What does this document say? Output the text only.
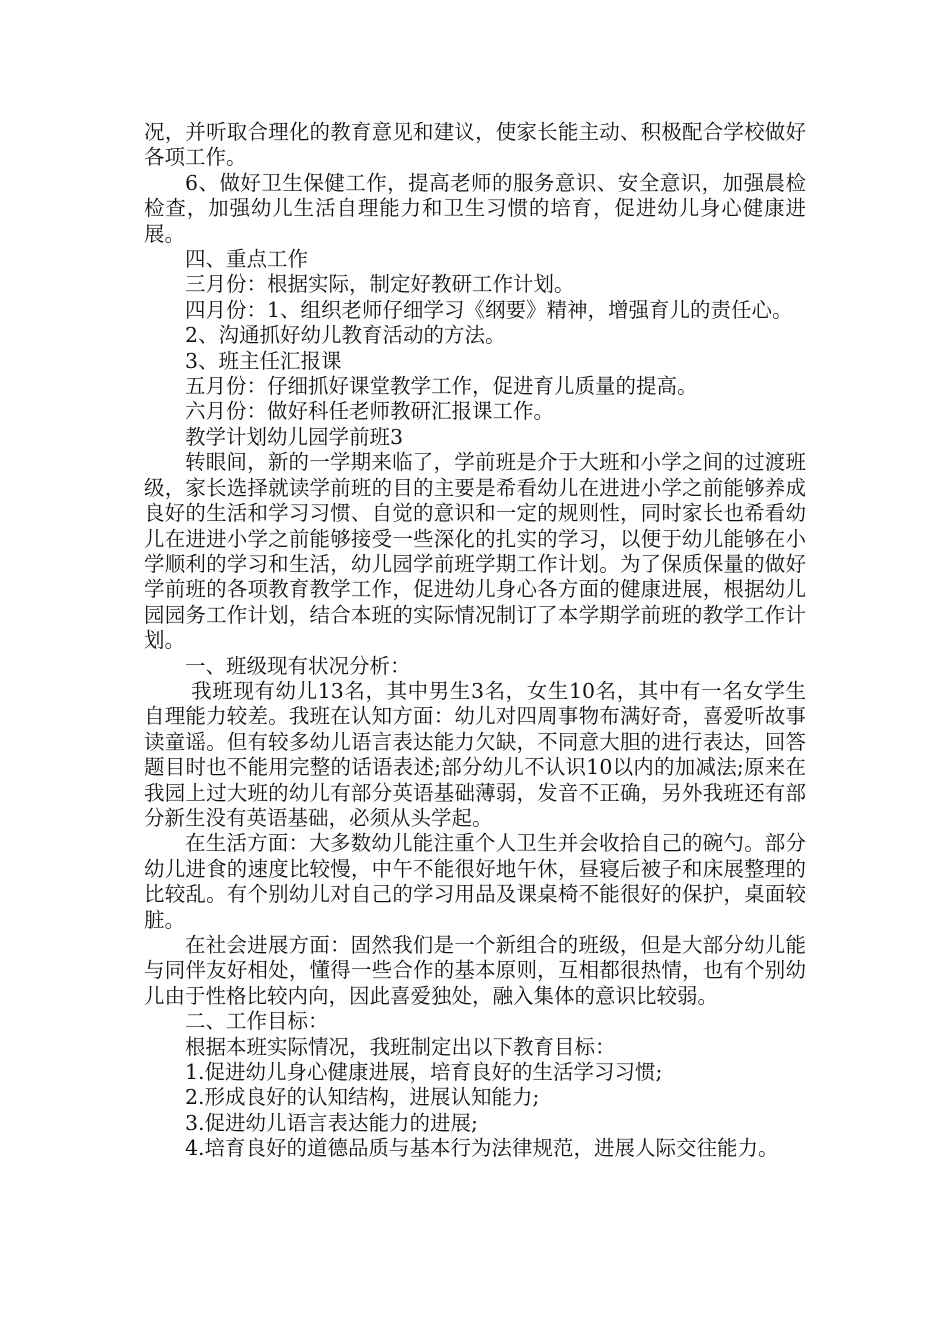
况，并听取合理化的教育意见和建议，使家长能主动、积极配合学校做好各项工作。

6、做好卫生保健工作，提高老师的服务意识、安全意识，加强晨检检查，加强幼儿生活自理能力和卫生习惯的培育，促进幼儿身心健康进展。

四、重点工作

三月份：根据实际，制定好教研工作计划。

四月份：1、组织老师仔细学习《纲要》精神，增强育儿的责任心。

2、沟通抓好幼儿教育活动的方法。

3、班主任汇报课

五月份：仔细抓好课堂教学工作，促进育儿质量的提高。

六月份：做好科任老师教研汇报课工作。

教学计划幼儿园学前班3

转眼间，新的一学期来临了，学前班是介于大班和小学之间的过渡班级，家长选择就读学前班的目的主要是希看幼儿在进进小学之前能够养成良好的生活和学习习惯、自觉的意识和一定的规则性，同时家长也希看幼儿在进进小学之前能够接受一些深化的扎实的学习，以便于幼儿能够在小学顺利的学习和生活，幼儿园学前班学期工作计划。为了保质保量的做好学前班的各项教育教学工作，促进幼儿身心各方面的健康进展，根据幼儿园园务工作计划，结合本班的实际情况制订了本学期学前班的教学工作计划。

一、班级现有状况分析：

我班现有幼儿13名，其中男生3名，女生10名，其中有一名女学生自理能力较差。我班在认知方面：幼儿对四周事物布满好奇，喜爱听故事读童谣。但有较多幼儿语言表达能力欠缺，不同意大胆的进行表达，回答题目时也不能用完整的话语表述;部分幼儿不认识10以内的加减法;原来在我园上过大班的幼儿有部分英语基础薄弱，发音不正确，另外我班还有部分新生没有英语基础，必须从头学起。

在生活方面：大多数幼儿能注重个人卫生并会收拾自己的碗勺。部分幼儿进食的速度比较慢，中午不能很好地午休，昼寝后被子和床展整理的比较乱。有个别幼儿对自己的学习用品及课桌椅不能很好的保护，桌面较脏。

在社会进展方面：固然我们是一个新组合的班级，但是大部分幼儿能与同伴友好相处，懂得一些合作的基本原则，互相都很热情，也有个别幼儿由于性格比较内向，因此喜爱独处，融入集体的意识比较弱。

二、工作目标：

根据本班实际情况，我班制定出以下教育目标：

1.促进幼儿身心健康进展，培育良好的生活学习习惯;

2.形成良好的认知结构，进展认知能力;

3.促进幼儿语言表达能力的进展;

4.培育良好的道德品质与基本行为法律规范，进展人际交往能力。
